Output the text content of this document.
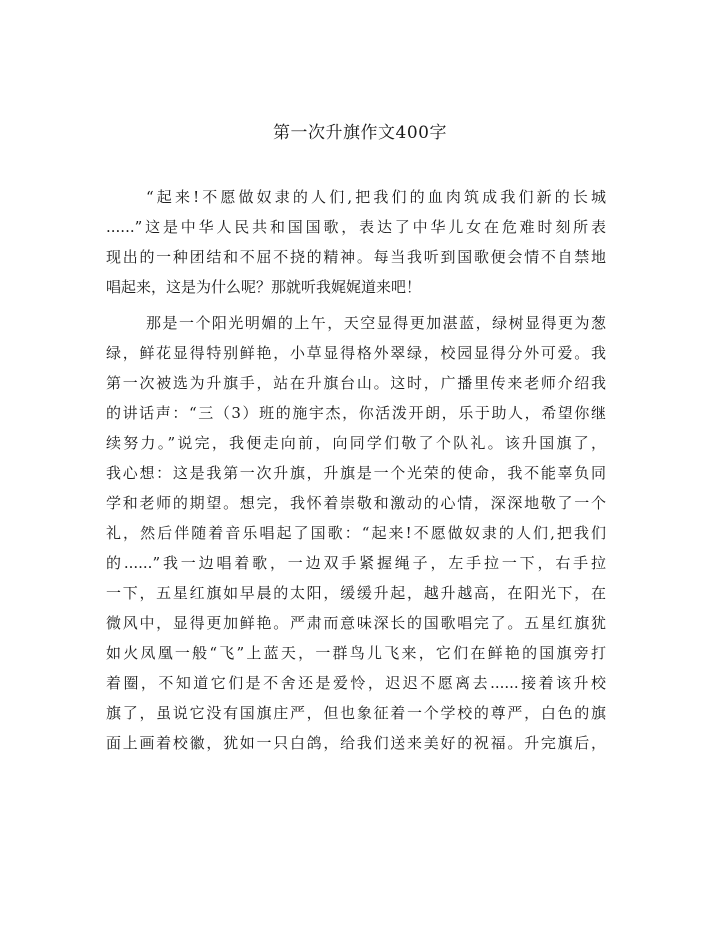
第一次升旗作文400字
“起来!不愿做奴隶的人们,把我们的血肉筑成我们新的长城
......”这是中华人民共和国国歌，表达了中华儿女在危难时刻所表
现出的一种团结和不屈不挠的精神。每当我听到国歌便会情不自禁地
唱起来，这是为什么呢？那就听我娓娓道来吧！
那是一个阳光明媚的上午，天空显得更加湛蓝，绿树显得更为葱
绿，鲜花显得特别鲜艳，小草显得格外翠绿，校园显得分外可爱。我
第一次被选为升旗手，站在升旗台山。这时，广播里传来老师介绍我
的讲话声：“三（3）班的施宇杰，你活泼开朗，乐于助人，希望你继
续努力。”说完，我便走向前，向同学们敬了个队礼。该升国旗了，
我心想：这是我第一次升旗，升旗是一个光荣的使命，我不能辜负同
学和老师的期望。想完，我怀着崇敬和激动的心情，深深地敬了一个
礼，然后伴随着音乐唱起了国歌：“起来!不愿做奴隶的人们,把我们
的......”我一边唱着歌，一边双手紧握绳子，左手拉一下，右手拉
一下，五星红旗如早晨的太阳，缓缓升起，越升越高，在阳光下，在
微风中，显得更加鲜艳。严肃而意味深长的国歌唱完了。五星红旗犹
如火凤凰一般“飞”上蓝天，一群鸟儿飞来，它们在鲜艳的国旗旁打
着圈，不知道它们是不舍还是爱怜，迟迟不愿离去......接着该升校
旗了，虽说它没有国旗庄严，但也象征着一个学校的尊严，白色的旗
面上画着校徽，犹如一只白鸽，给我们送来美好的祝福。升完旗后，
